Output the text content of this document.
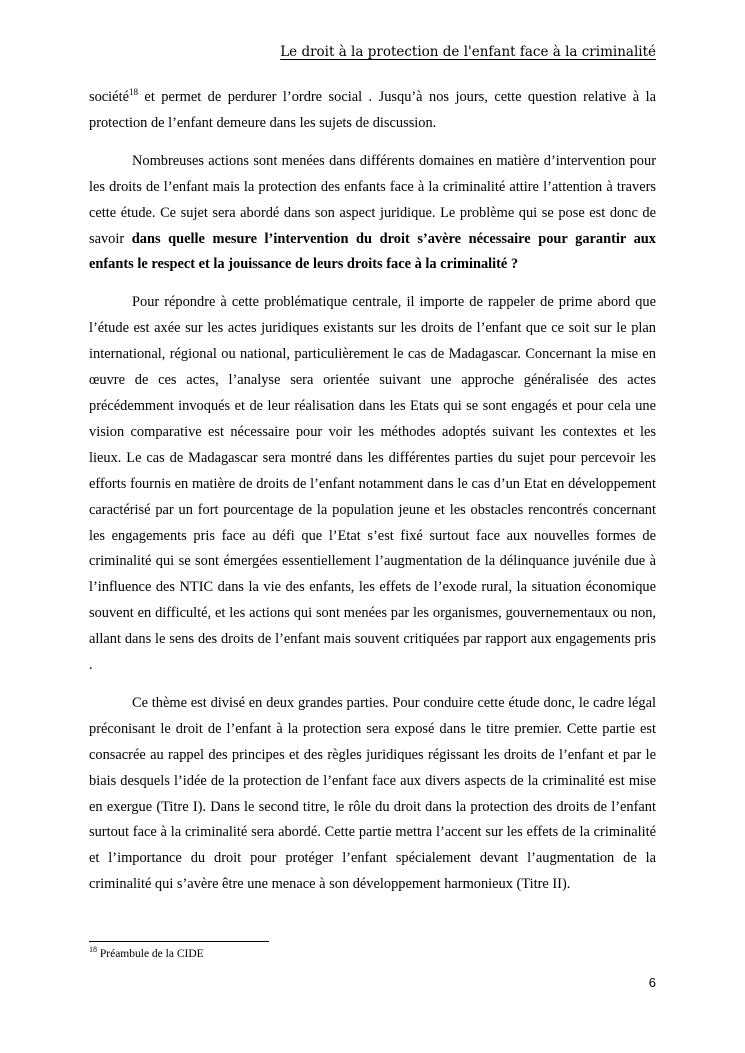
Le droit à la protection de l'enfant face à la criminalité

société$^{18}$ et permet de perdurer l’ordre social . Jusqu’à nos jours, cette question relative à la protection de l’enfant demeure dans les sujets de discussion.

Nombreuses actions sont menées dans différents domaines en matière d’intervention pour les droits de l’enfant mais la protection des enfants face à la criminalité attire l’attention à travers cette étude. Ce sujet sera abordé dans son aspect juridique. Le problème qui se pose est donc de savoir dans quelle mesure l’intervention du droit s’avère nécessaire pour garantir aux enfants le respect et la jouissance de leurs droits face à la criminalité ?

Pour répondre à cette problématique centrale, il importe de rappeler de prime abord que l’étude est axée sur les actes juridiques existants sur les droits de l’enfant que ce soit sur le plan international, régional ou national, particulièrement le cas de Madagascar. Concernant la mise en œuvre de ces actes, l’analyse sera orientée suivant une approche généralisée des actes précédemment invoqués et de leur réalisation dans les Etats qui se sont engagés et pour cela une vision comparative est nécessaire pour voir les méthodes adoptés suivant les contextes et les lieux. Le cas de Madagascar sera montré dans les différentes parties du sujet pour percevoir les efforts fournis en matière de droits de l’enfant notamment dans le cas d’un Etat en développement caractérisé par un fort pourcentage de la population jeune et les obstacles rencontrés concernant les engagements pris face au défi que l’Etat s’est fixé surtout face aux nouvelles formes de criminalité qui se sont émergées essentiellement l’augmentation de la délinquance juvénile due à l’influence des NTIC dans la vie des enfants, les effets de l’exode rural, la situation économique souvent en difficulté, et les actions qui sont menées par les organismes, gouvernementaux ou non, allant dans le sens des droits de l’enfant mais souvent critiquées par rapport aux engagements pris .

Ce thème est divisé en deux grandes parties. Pour conduire cette étude donc, le cadre légal préconisant le droit de l’enfant à la protection sera exposé dans le titre premier. Cette partie est consacrée au rappel des principes et des règles juridiques régissant les droits de l’enfant et par le biais desquels l’idée de la protection de l’enfant face aux divers aspects de la criminalité est mise en exergue (Titre I). Dans le second titre, le rôle du droit dans la protection des droits de l’enfant surtout face à la criminalité sera abordé. Cette partie mettra l’accent sur les effets de la criminalité et l’importance du droit pour protéger l’enfant spécialement devant l’augmentation de la criminalité qui s’avère être une menace à son développement harmonieux (Titre II).

$^{18}$ Préambule de la CIDE
6
